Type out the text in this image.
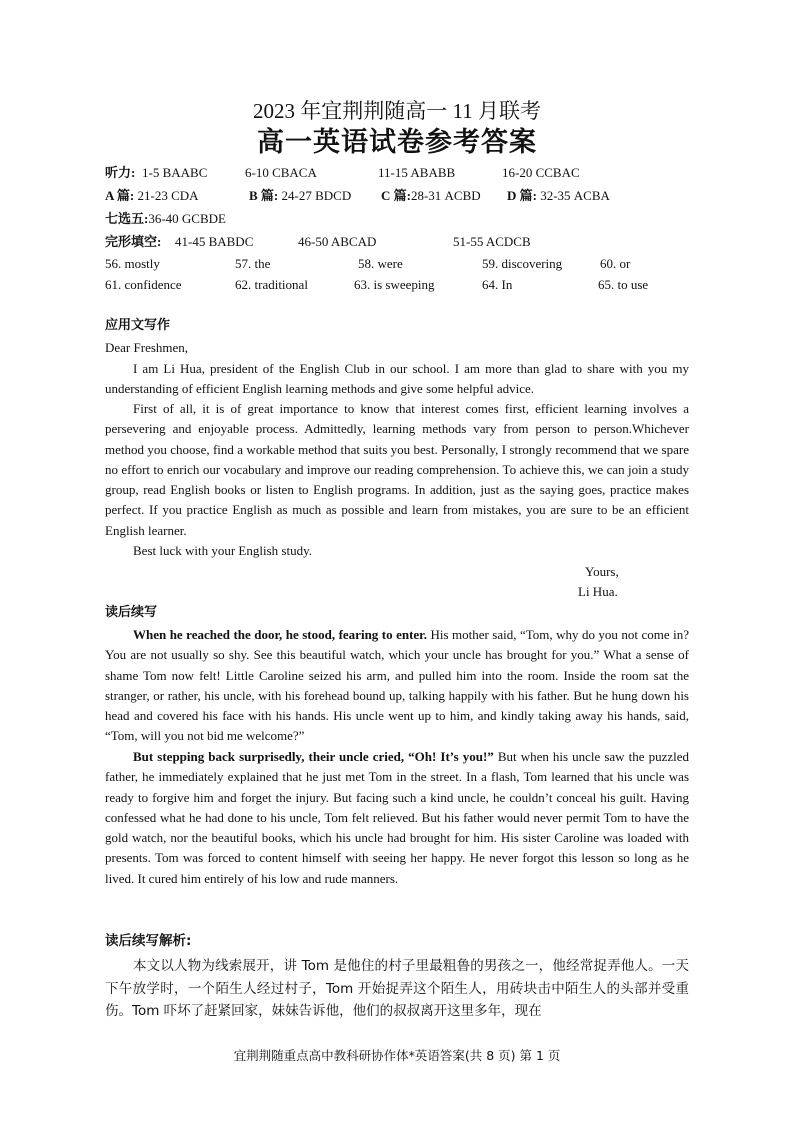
2023 年宜荆荆随高一 11 月联考
高一英语试卷参考答案
听力: 1-5 BAABC	6-10 CBACA	11-15 ABABB	16-20 CCBAC
A 篇: 21-23 CDA	B 篇: 24-27 BDCD C 篇:28-31 ACBD D 篇: 32-35 ACBA
七选五:36-40 GCBDE
完形填空: 41-45 BABDC	46-50 ABCAD	51-55 ACDCB
56. mostly	57. the	58. were	59. discovering	60. or
61. confidence	62. traditional	63. is sweeping	64. In	65. to use
应用文写作
Dear Freshmen,

I am Li Hua, president of the English Club in our school. I am more than glad to share with you my understanding of efficient English learning methods and give some helpful advice.

First of all, it is of great importance to know that interest comes first, efficient learning involves a persevering and enjoyable process. Admittedly, learning methods vary from person to person.Whichever method you choose, find a workable method that suits you best. Personally, I strongly recommend that we spare no effort to enrich our vocabulary and improve our reading comprehension. To achieve this, we can join a study group, read English books or listen to English programs. In addition, just as the saying goes, practice makes perfect. If you practice English as much as possible and learn from mistakes, you are sure to be an efficient English learner.

Best luck with your English study.

Yours,
Li Hua.
读后续写

When he reached the door, he stood, fearing to enter. His mother said, “Tom, why do you not come in? You are not usually so shy. See this beautiful watch, which your uncle has brought for you.” What a sense of shame Tom now felt! Little Caroline seized his arm, and pulled him into the room. Inside the room sat the stranger, or rather, his uncle, with his forehead bound up, talking happily with his father. But he hung down his head and covered his face with his hands. His uncle went up to him, and kindly taking away his hands, said, “Tom, will you not bid me welcome?”

But stepping back surprisedly, their uncle cried, “Oh! It’s you!” But when his uncle saw the puzzled father, he immediately explained that he just met Tom in the street. In a flash, Tom learned that his uncle was ready to forgive him and forget the injury. But facing such a kind uncle, he couldn’t conceal his guilt. Having confessed what he had done to his uncle, Tom felt relieved. But his father would never permit Tom to have the gold watch, nor the beautiful books, which his uncle had brought for him. His sister Caroline was loaded with presents. Tom was forced to content himself with seeing her happy. He never forgot this lesson so long as he lived. It cured him entirely of his low and rude manners.

读后续写解析:

本文以人物为线索展开，讲 Tom 是他住的村子里最粗鲁的男孩之一，他经常捉弄他人。一天下午放学时，一个陌生人经过村子，Tom 开始捉弄这个陌生人，用砖块击中陌生人的头部并受重伤。Tom 吓坏了赶紧回家，妹妹告诉他，他们的叔叔离开这里多年，现在

宜荆荆随重点高中教科研协作体*英语答案(共 8 页) 第 1 页
